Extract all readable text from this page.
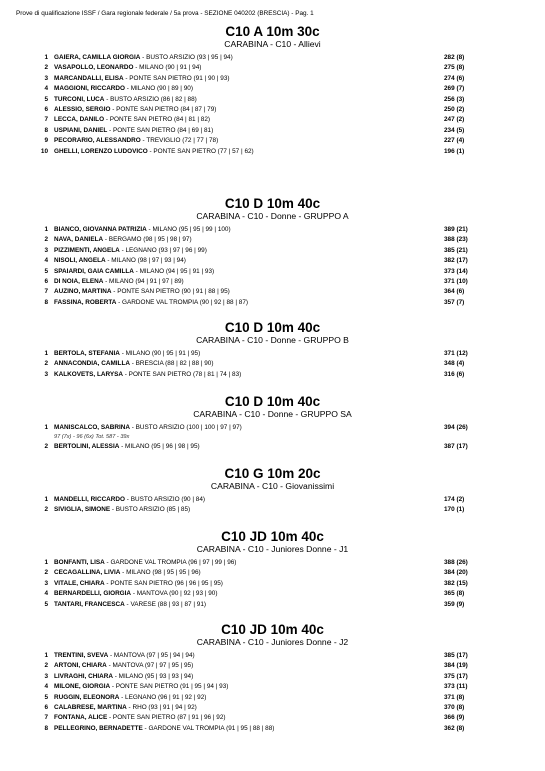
Prove di qualificazione ISSF / Gara regionale federale / 5a prova - SEZIONE 040202 (BRESCIA) - Pag. 1
C10 A 10m 30c
CARABINA - C10 - Allievi
1 GAIERA, CAMILLA GIORGIA - BUSTO ARSIZIO (93 | 95 | 94)	282 (8)
2 VASAPOLLO, LEONARDO - MILANO (90 | 91 | 94)	275 (8)
3 MARCANDALLI, ELISA - PONTE SAN PIETRO (91 | 90 | 93)	274 (6)
4 MAGGIONI, RICCARDO - MILANO (90 | 89 | 90)	269 (7)
5 TURCONI, LUCA - BUSTO ARSIZIO (86 | 82 | 88)	256 (3)
6 ALESSIO, SERGIO - PONTE SAN PIETRO (84 | 87 | 79)	250 (2)
7 LECCA, DANILO - PONTE SAN PIETRO (84 | 81 | 82)	247 (2)
8 USPIANI, DANIEL - PONTE SAN PIETRO (84 | 69 | 81)	234 (5)
9 PECORARIO, ALESSANDRO - TREVIGLIO (72 | 77 | 78)	227 (4)
10 GHELLI, LORENZO LUDOVICO - PONTE SAN PIETRO (77 | 57 | 62)	196 (1)
C10 D 10m 40c
CARABINA - C10 - Donne - GRUPPO A
1 BIANCO, GIOVANNA PATRIZIA - MILANO (95 | 95 | 99 | 100)	389 (21)
2 NAVA, DANIELA - BERGAMO (98 | 95 | 98 | 97)	388 (23)
3 PIZZIMENTI, ANGELA - LEGNANO (93 | 97 | 96 | 99)	385 (21)
4 NISOLI, ANGELA - MILANO (98 | 97 | 93 | 94)	382 (17)
5 SPAIARDI, GAIA CAMILLA - MILANO (94 | 95 | 91 | 93)	373 (14)
6 DI NOIA, ELENA - MILANO (94 | 91 | 97 | 89)	371 (10)
7 AUZINO, MARTINA - PONTE SAN PIETRO (90 | 91 | 88 | 95)	364 (6)
8 FASSINA, ROBERTA - GARDONE VAL TROMPIA (90 | 92 | 88 | 87)	357 (7)
C10 D 10m 40c
CARABINA - C10 - Donne - GRUPPO B
1 BERTOLA, STEFANIA - MILANO (90 | 95 | 91 | 95)	371 (12)
2 ANNACONDIA, CAMILLA - BRESCIA (88 | 82 | 88 | 90)	348 (4)
3 KALKOVETS, LARYSA - PONTE SAN PIETRO (78 | 81 | 74 | 83)	316 (6)
C10 D 10m 40c
CARABINA - C10 - Donne - GRUPPO SA
1 MANISCALCO, SABRINA - BUSTO ARSIZIO (100 | 100 | 97 | 97)	394 (26)
97 (7x) - 96 (6x) Tot. 587 - 39x
2 BERTOLINI, ALESSIA - MILANO (95 | 96 | 98 | 95)	387 (17)
C10 G 10m 20c
CARABINA - C10 - Giovanissimi
1 MANDELLI, RICCARDO - BUSTO ARSIZIO (90 | 84)	174 (2)
2 SIVIGLIA, SIMONE - BUSTO ARSIZIO (85 | 85)	170 (1)
C10 JD 10m 40c
CARABINA - C10 - Juniores Donne - J1
1 BONFANTI, LISA - GARDONE VAL TROMPIA (96 | 97 | 99 | 96)	388 (26)
2 CECAGALLINA, LIVIA - MILANO (98 | 95 | 95 | 96)	384 (20)
3 VITALE, CHIARA - PONTE SAN PIETRO (96 | 96 | 95 | 95)	382 (15)
4 BERNARDELLI, GIORGIA - MANTOVA (90 | 92 | 93 | 90)	365 (8)
5 TANTARI, FRANCESCA - VARESE (88 | 93 | 87 | 91)	359 (9)
C10 JD 10m 40c
CARABINA - C10 - Juniores Donne - J2
1 TRENTINI, SVEVA - MANTOVA (97 | 95 | 94 | 94)	385 (17)
2 ARTONI, CHIARA - MANTOVA (97 | 97 | 95 | 95)	384 (19)
3 LIVRAGHI, CHIARA - MILANO (95 | 93 | 93 | 94)	375 (17)
4 MILONE, GIORGIA - PONTE SAN PIETRO (91 | 95 | 94 | 93)	373 (11)
5 RUGGIN, ELEONORA - LEGNANO (96 | 91 | 92 | 92)	371 (8)
6 CALABRESE, MARTINA - RHO (93 | 91 | 94 | 92)	370 (8)
7 FONTANA, ALICE - PONTE SAN PIETRO (87 | 91 | 96 | 92)	366 (9)
8 PELLEGRINO, BERNADETTE - GARDONE VAL TROMPIA (91 | 95 | 88 | 88)	362 (8)
